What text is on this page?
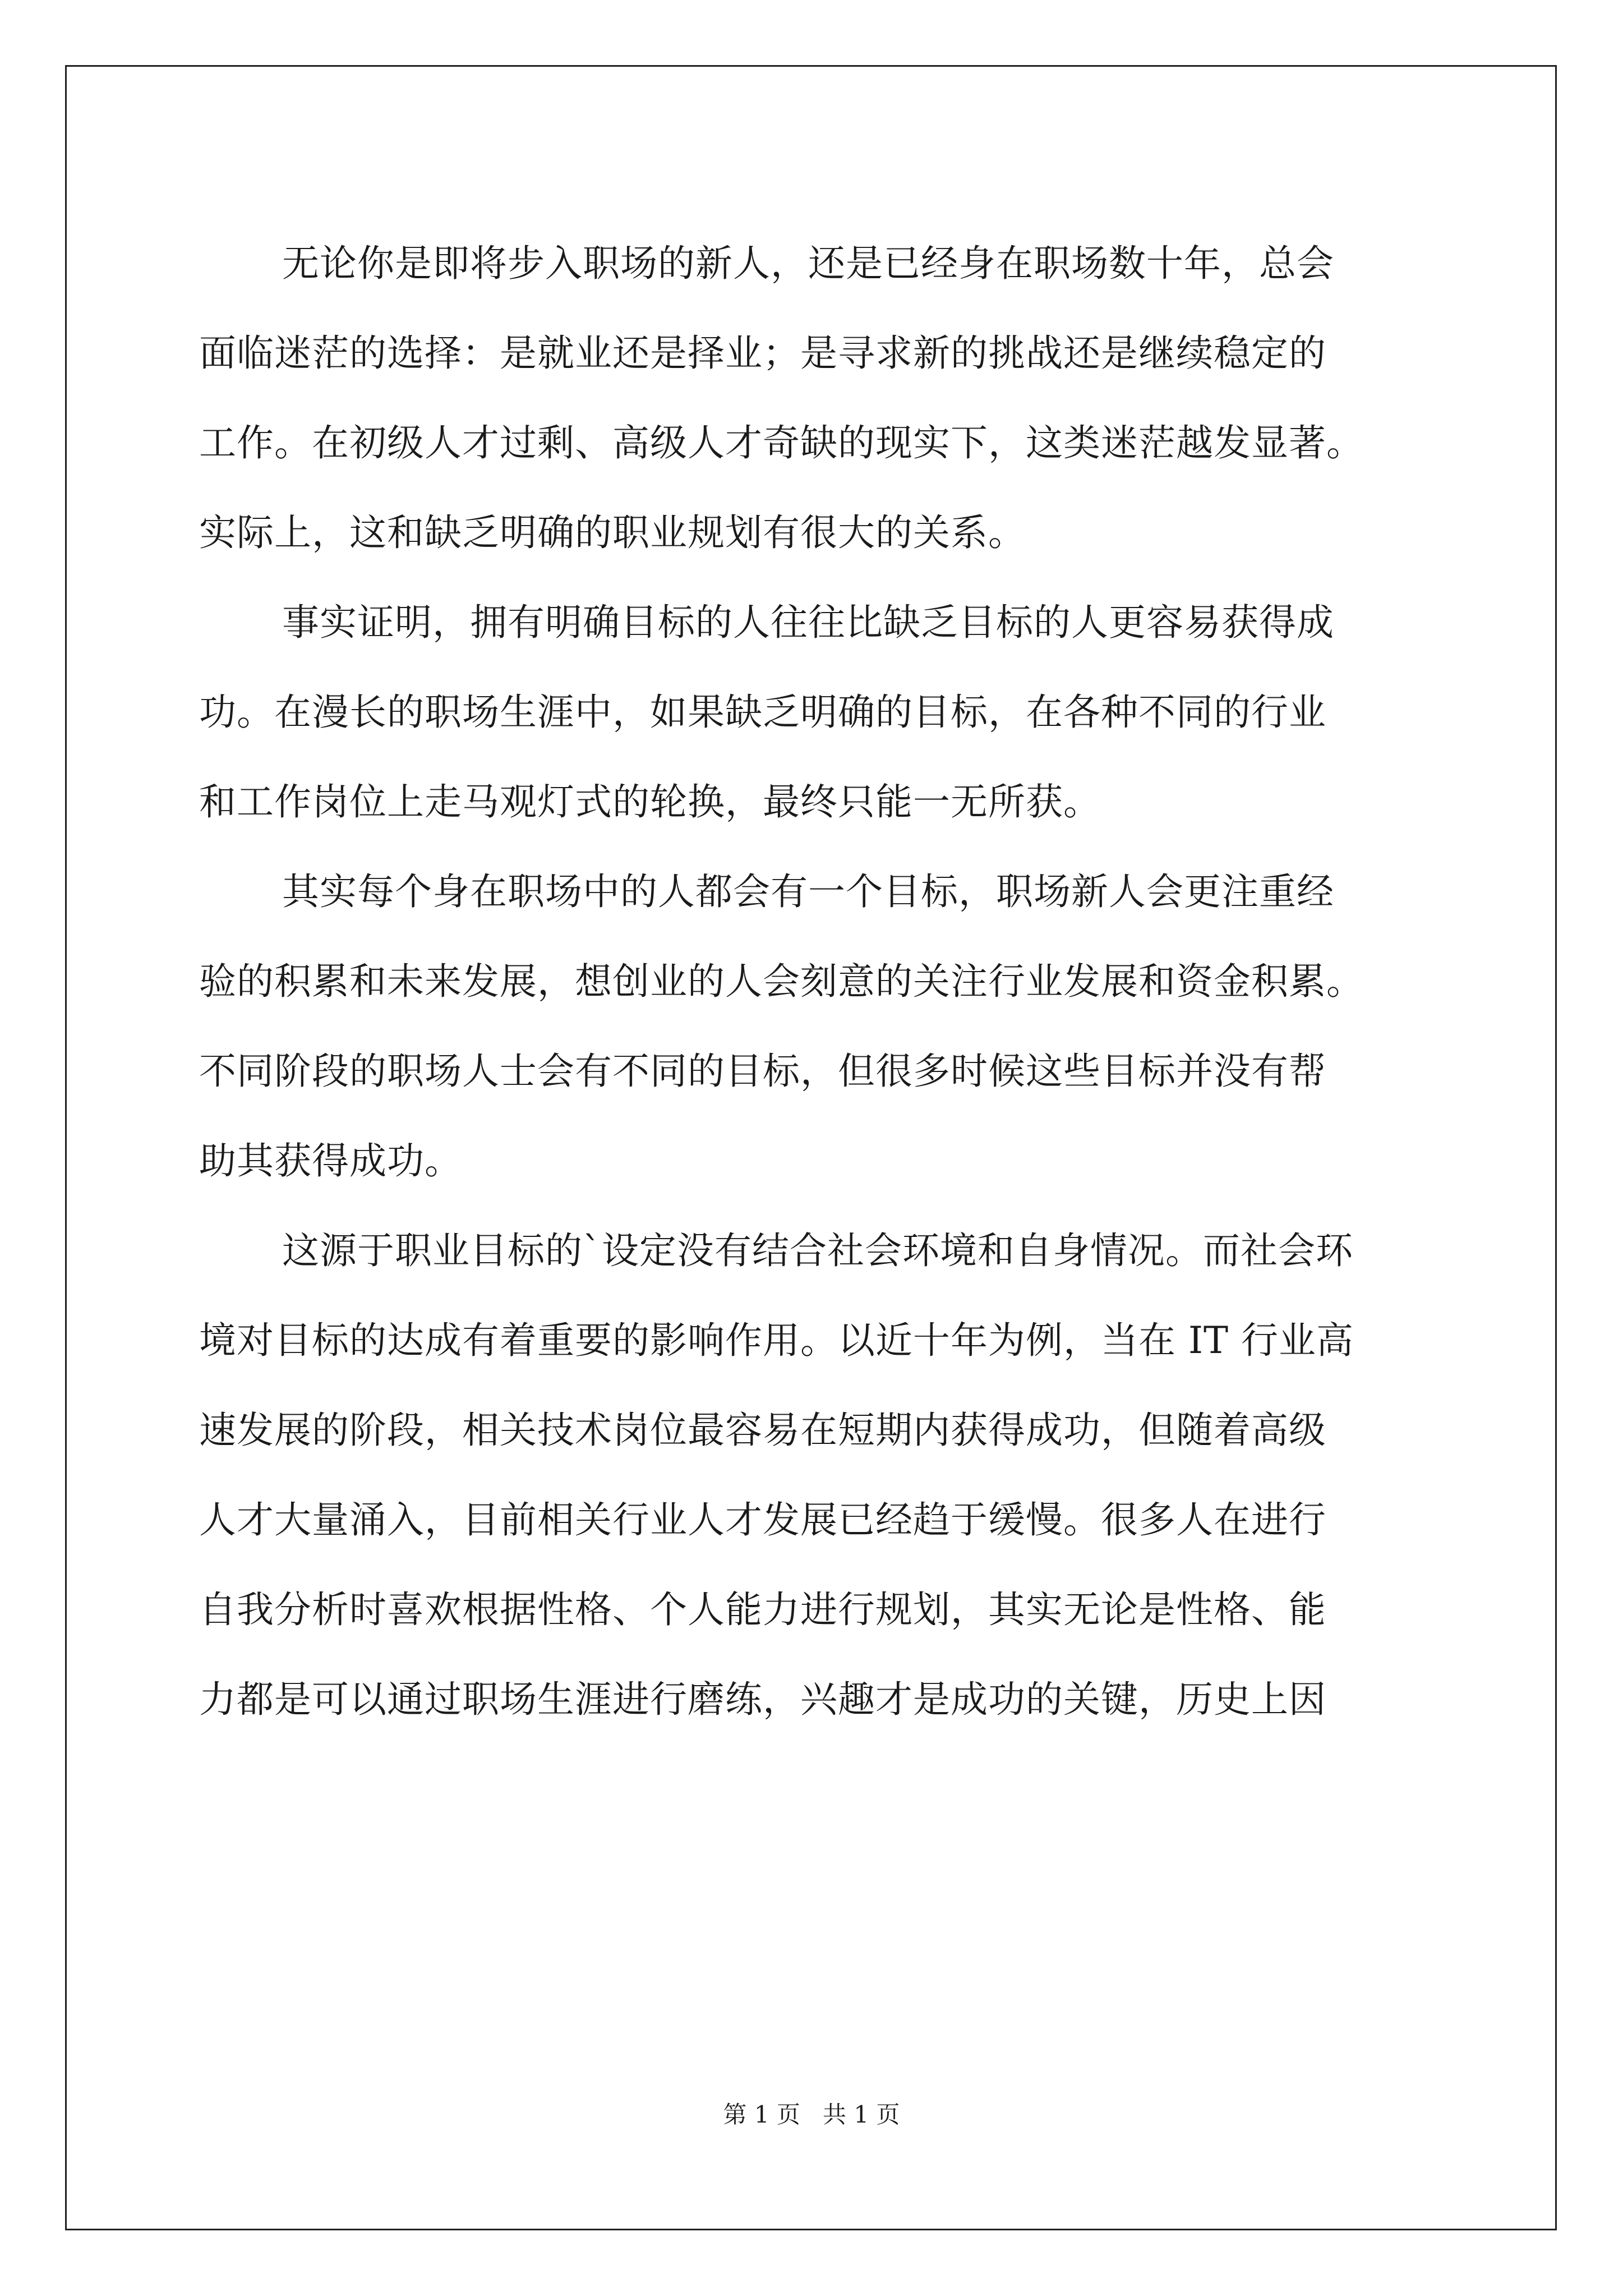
无论你是即将步入职场的新人，还是已经身在职场数十年，总会
面临迷茫的选择：是就业还是择业；是寻求新的挑战还是继续稳定的
工作。在初级人才过剩、高级人才奇缺的现实下，这类迷茫越发显著。
实际上，这和缺乏明确的职业规划有很大的关系。
事实证明，拥有明确目标的人往往比缺乏目标的人更容易获得成
功。在漫长的职场生涯中，如果缺乏明确的目标，在各种不同的行业
和工作岗位上走马观灯式的轮换，最终只能一无所获。
其实每个身在职场中的人都会有一个目标，职场新人会更注重经
验的积累和未来发展，想创业的人会刻意的关注行业发展和资金积累。
不同阶段的职场人士会有不同的目标，但很多时候这些目标并没有帮
助其获得成功。
这源于职业目标的`设定没有结合社会环境和自身情况。而社会环
境对目标的达成有着重要的影响作用。以近十年为例，当在 IT 行业高
速发展的阶段，相关技术岗位最容易在短期内获得成功，但随着高级
人才大量涌入，目前相关行业人才发展已经趋于缓慢。很多人在进行
自我分析时喜欢根据性格、个人能力进行规划，其实无论是性格、能
力都是可以通过职场生涯进行磨练，兴趣才是成功的关键，历史上因
第 1 页   共 1 页
